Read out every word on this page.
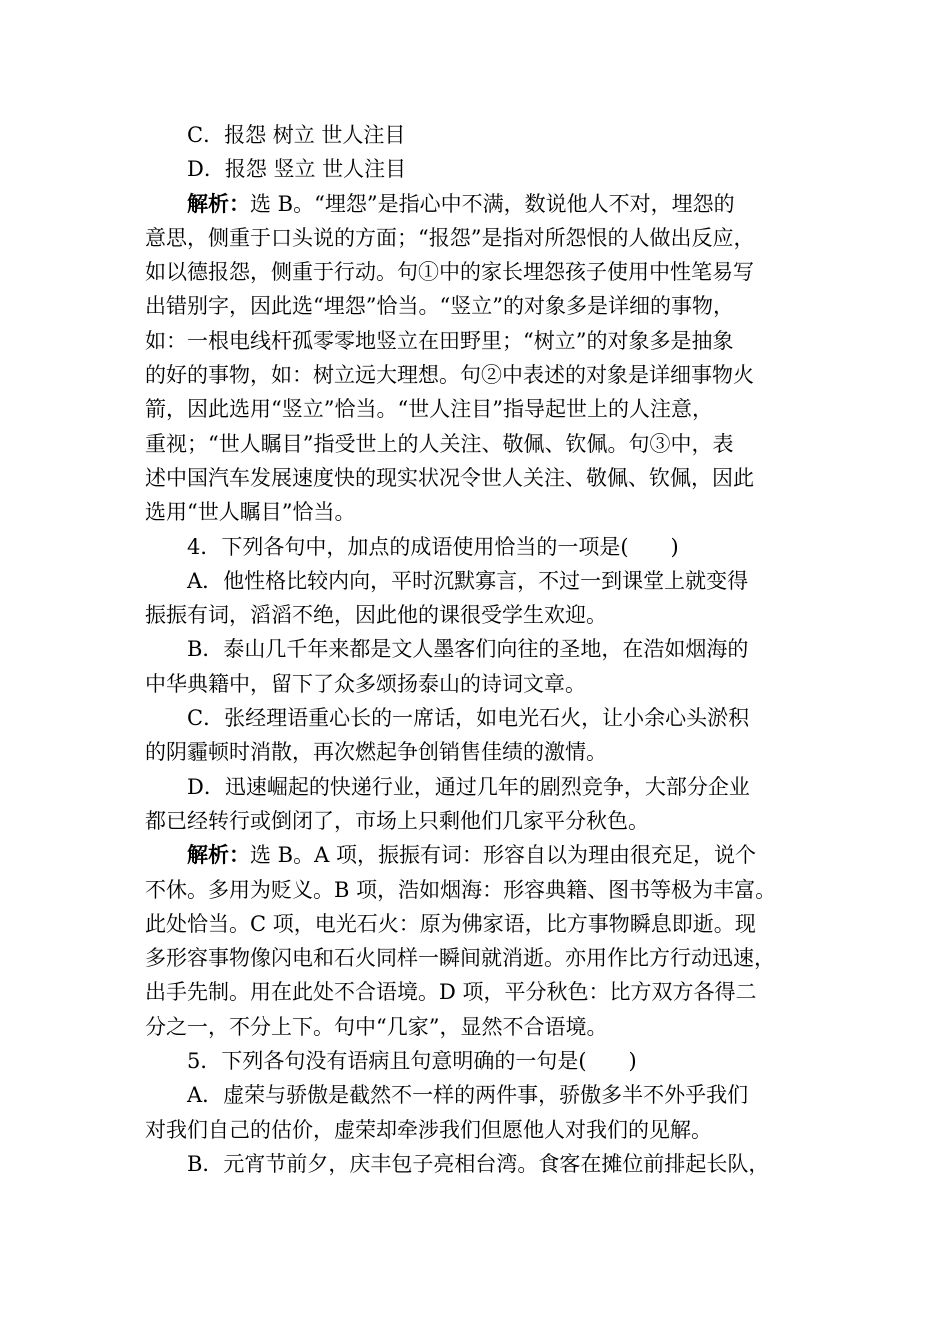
C．报怨 树立 世人注目
D．报怨 竖立 世人注目
解析：选 B。“埋怨”是指心中不满，数说他人不对，埋怨的
意思，侧重于口头说的方面；“报怨”是指对所怨恨的人做出反应，
如以德报怨，侧重于行动。句①中的家长埋怨孩子使用中性笔易写
出错别字，因此选“埋怨”恰当。“竖立”的对象多是详细的事物，
如：一根电线杆孤零零地竖立在田野里；“树立”的对象多是抽象
的好的事物，如：树立远大理想。句②中表述的对象是详细事物火
箭，因此选用“竖立”恰当。“世人注目”指导起世上的人注意，
重视；“世人瞩目”指受世上的人关注、敬佩、钦佩。句③中，表
述中国汽车发展速度快的现实状况令世人关注、敬佩、钦佩，因此
选用“世人瞩目”恰当。
4．下列各句中，加点的成语使用恰当的一项是(　　)
A．他性格比较内向，平时沉默寡言，不过一到课堂上就变得
振振有词，滔滔不绝，因此他的课很受学生欢迎。
B．泰山几千年来都是文人墨客们向往的圣地，在浩如烟海的
中华典籍中，留下了众多颂扬泰山的诗词文章。
C．张经理语重心长的一席话，如电光石火，让小余心头淤积
的阴霾顿时消散，再次燃起争创销售佳绩的激情。
D．迅速崛起的快递行业，通过几年的剧烈竞争，大部分企业
都已经转行或倒闭了，市场上只剩他们几家平分秋色。
解析：选 B。A 项，振振有词：形容自以为理由很充足，说个
不休。多用为贬义。B 项，浩如烟海：形容典籍、图书等极为丰富。
此处恰当。C 项，电光石火：原为佛家语，比方事物瞬息即逝。现
多形容事物像闪电和石火同样一瞬间就消逝。亦用作比方行动迅速，
出手先制。用在此处不合语境。D 项，平分秋色：比方双方各得二
分之一，不分上下。句中“几家”，显然不合语境。
5．下列各句没有语病且句意明确的一句是(　　)
A．虚荣与骄傲是截然不一样的两件事，骄傲多半不外乎我们
对我们自己的估价，虚荣却牵涉我们但愿他人对我们的见解。
B．元宵节前夕，庆丰包子亮相台湾。食客在摊位前排起长队，
